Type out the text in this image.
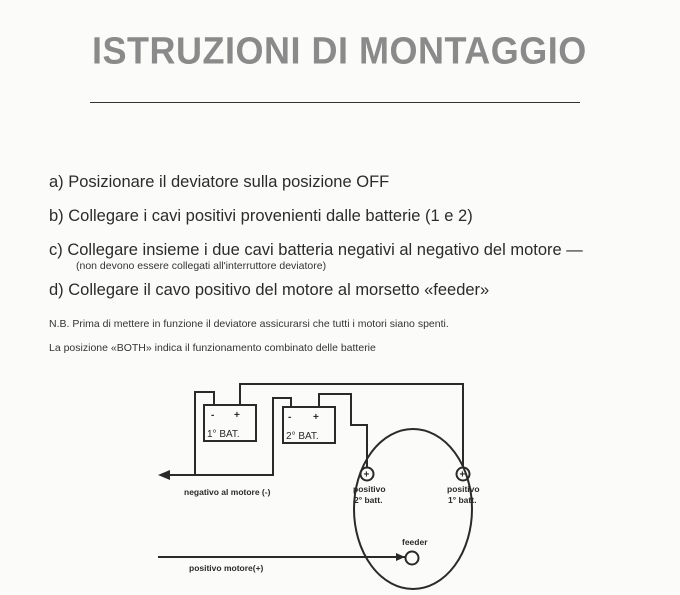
ISTRUZIONI DI MONTAGGIO
a) Posizionare il deviatore sulla posizione OFF
b) Collegare i cavi positivi provenienti dalle batterie (1 e 2)
c) Collegare insieme i due cavi batteria negativi al negativo del motore —
(non devono essere collegati all'interruttore deviatore)
d) Collegare il cavo positivo del motore al morsetto «feeder»
N.B. Prima di mettere in funzione il deviatore assicurarsi che tutti i motori siano spenti.
La posizione «BOTH» indica il funzionamento combinato delle batterie
- +	- +
+	+
1° BAT.	2° BAT.
negativo al motore (-)
positivo motore(+)
positivo
2° batt.
positivo
1° batt.
feeder
